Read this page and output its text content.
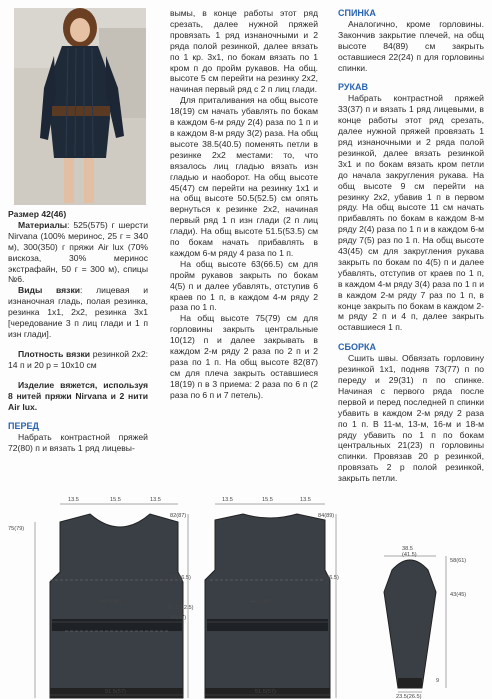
Размер 42(46)

Материалы: 525(575) г шерсти Nirvana (100% меринос, 25 г = 340 м), 300(350) г пряжи Air lux (70% вискоза, 30% меринос экстрафайн, 50 г = 300 м), спицы №6.

Виды вязки: лицевая и изнаночная гладь, полая резинка, резинка 1x1, 2x2, резинка 3x1 [чередование 3 п лиц глади и 1 п изн глади].

Плотность вязки резинкой 2x2: 14 п и 20 р = 10x10 см

Изделие вяжется, используя 8 нитей пряжи Nirvana и 2 нити Air lux.

ПЕРЕД

Набрать контрастной пряжей 72(80) п и вязать 1 ряд лицевы-

вымы, в конце работы этот ряд срезать, далее нужной пряжей провязать 1 ряд изнаночными и 2 ряда полой резинкой, далее вязать по 1 кр. 3x1, по бокам вязать по 1 кром п до пройм рукавов. На общ. высоте 5 см перейти на резинку 2x2, начиная первый ряд с 2 п лиц глади.

Для приталивания на общ высоте 18(19) см начать убавлять по бокам в каждом 6-м ряду 2(4) раза по 1 п и в каждом 8-м ряду 3(2) раза. На общ высоте 38.5(40.5) поменять петли в резинке 2x2 местами: то, что вязалось лиц гладью вязать изн гладью и наоборот. На общ высоте 45(47) см перейти на резинку 1x1 и на общ высоте 50.5(52.5) см опять вернуться к резинке 2x2, начиная первый ряд 1 п изн глади (2 п лиц глади). На общ высоте 51.5(53.5) см по бокам начать прибавлять в каждом 6-м ряду 4 раза по 1 п.

На общ высоте 63(66.5) см для пройм рукавов закрыть по бокам 4(5) п и далее убавлять, отступив 6 краев по 1 п, в каждом 4-м ряду 2 раза по 1 п.

На общ высоте 75(79) см для горловины закрыть центральные 10(12) п и далее закрывать в каждом 2-м ряду 2 раза по 2 п и 2 раза по 1 п. На общ высоте 82(87) см для плеча закрыть оставшиеся 18(19) п в 3 приема: 2 раза по 6 п (2 раза по 6 п и 7 петель).

СПИНКА

Аналогично, кроме горловины. Закончив закрытие плечей, на общ высоте 84(89) см закрыть оставшиеся 22(24) п для горловины спинки.

РУКАВ

Набрать контрастной пряжей 33(37) п и вязать 1 ряд лицевыми, в конце работы этот ряд срезать, далее нужной пряжей провязать 1 ряд изнаночными и 2 ряда полой резинкой, далее вязать резинкой 3x1 и по бокам вязать кром петли до начала закругления рукава. На общ высоте 9 см перейти на резинку 2x2, убавив 1 п в первом ряду. На общ высоте 11 см начать прибавлять по бокам в каждом 8-м ряду 2(4) раза по 1 п и в каждом 6-м ряду 7(5) раз по 1 п. На общ высоте 43(45) см для закругления рукава закрыть по бокам по 4(5) п и далее убавлять, отступив от краев по 1 п, в каждом 4-м ряду 3(4) раза по 1 п и в каждом 2-м ряду 7 раз по 1 п, в конце закрыть по бокам в каждом 2-м ряду 2 п и 4 п, далее закрыть оставшиеся 1 п.

СБОРКА

Сшить швы. Обвязать горловину резинкой 1x1, подняв 73(77) п по переду и 29(31) п по спинке. Начиная с первого ряда после первой и перед последней п спинки убавить в каждом 2-м ряду 2 раза по 1 п. В 11-м, 13-м, 16-м и 18-м ряду убавить по 1 п по бокам центральных 21(23) п горловины спинки. Провязав 20 р резинкой, провязать 2 р полой резинкой, закрыть петли.

13.5	15.5	13.5
82(87)
75(79)
63(66.5)
50.5(52.5)
45(47)
44.5(48)
51.5(57)
13.5	15.5	13.5
84(89)
63(66.5)
44.5(48)
51.5(57)
38.5
(41.5)
58(61)
43(45)
9
23.5(26.5)
